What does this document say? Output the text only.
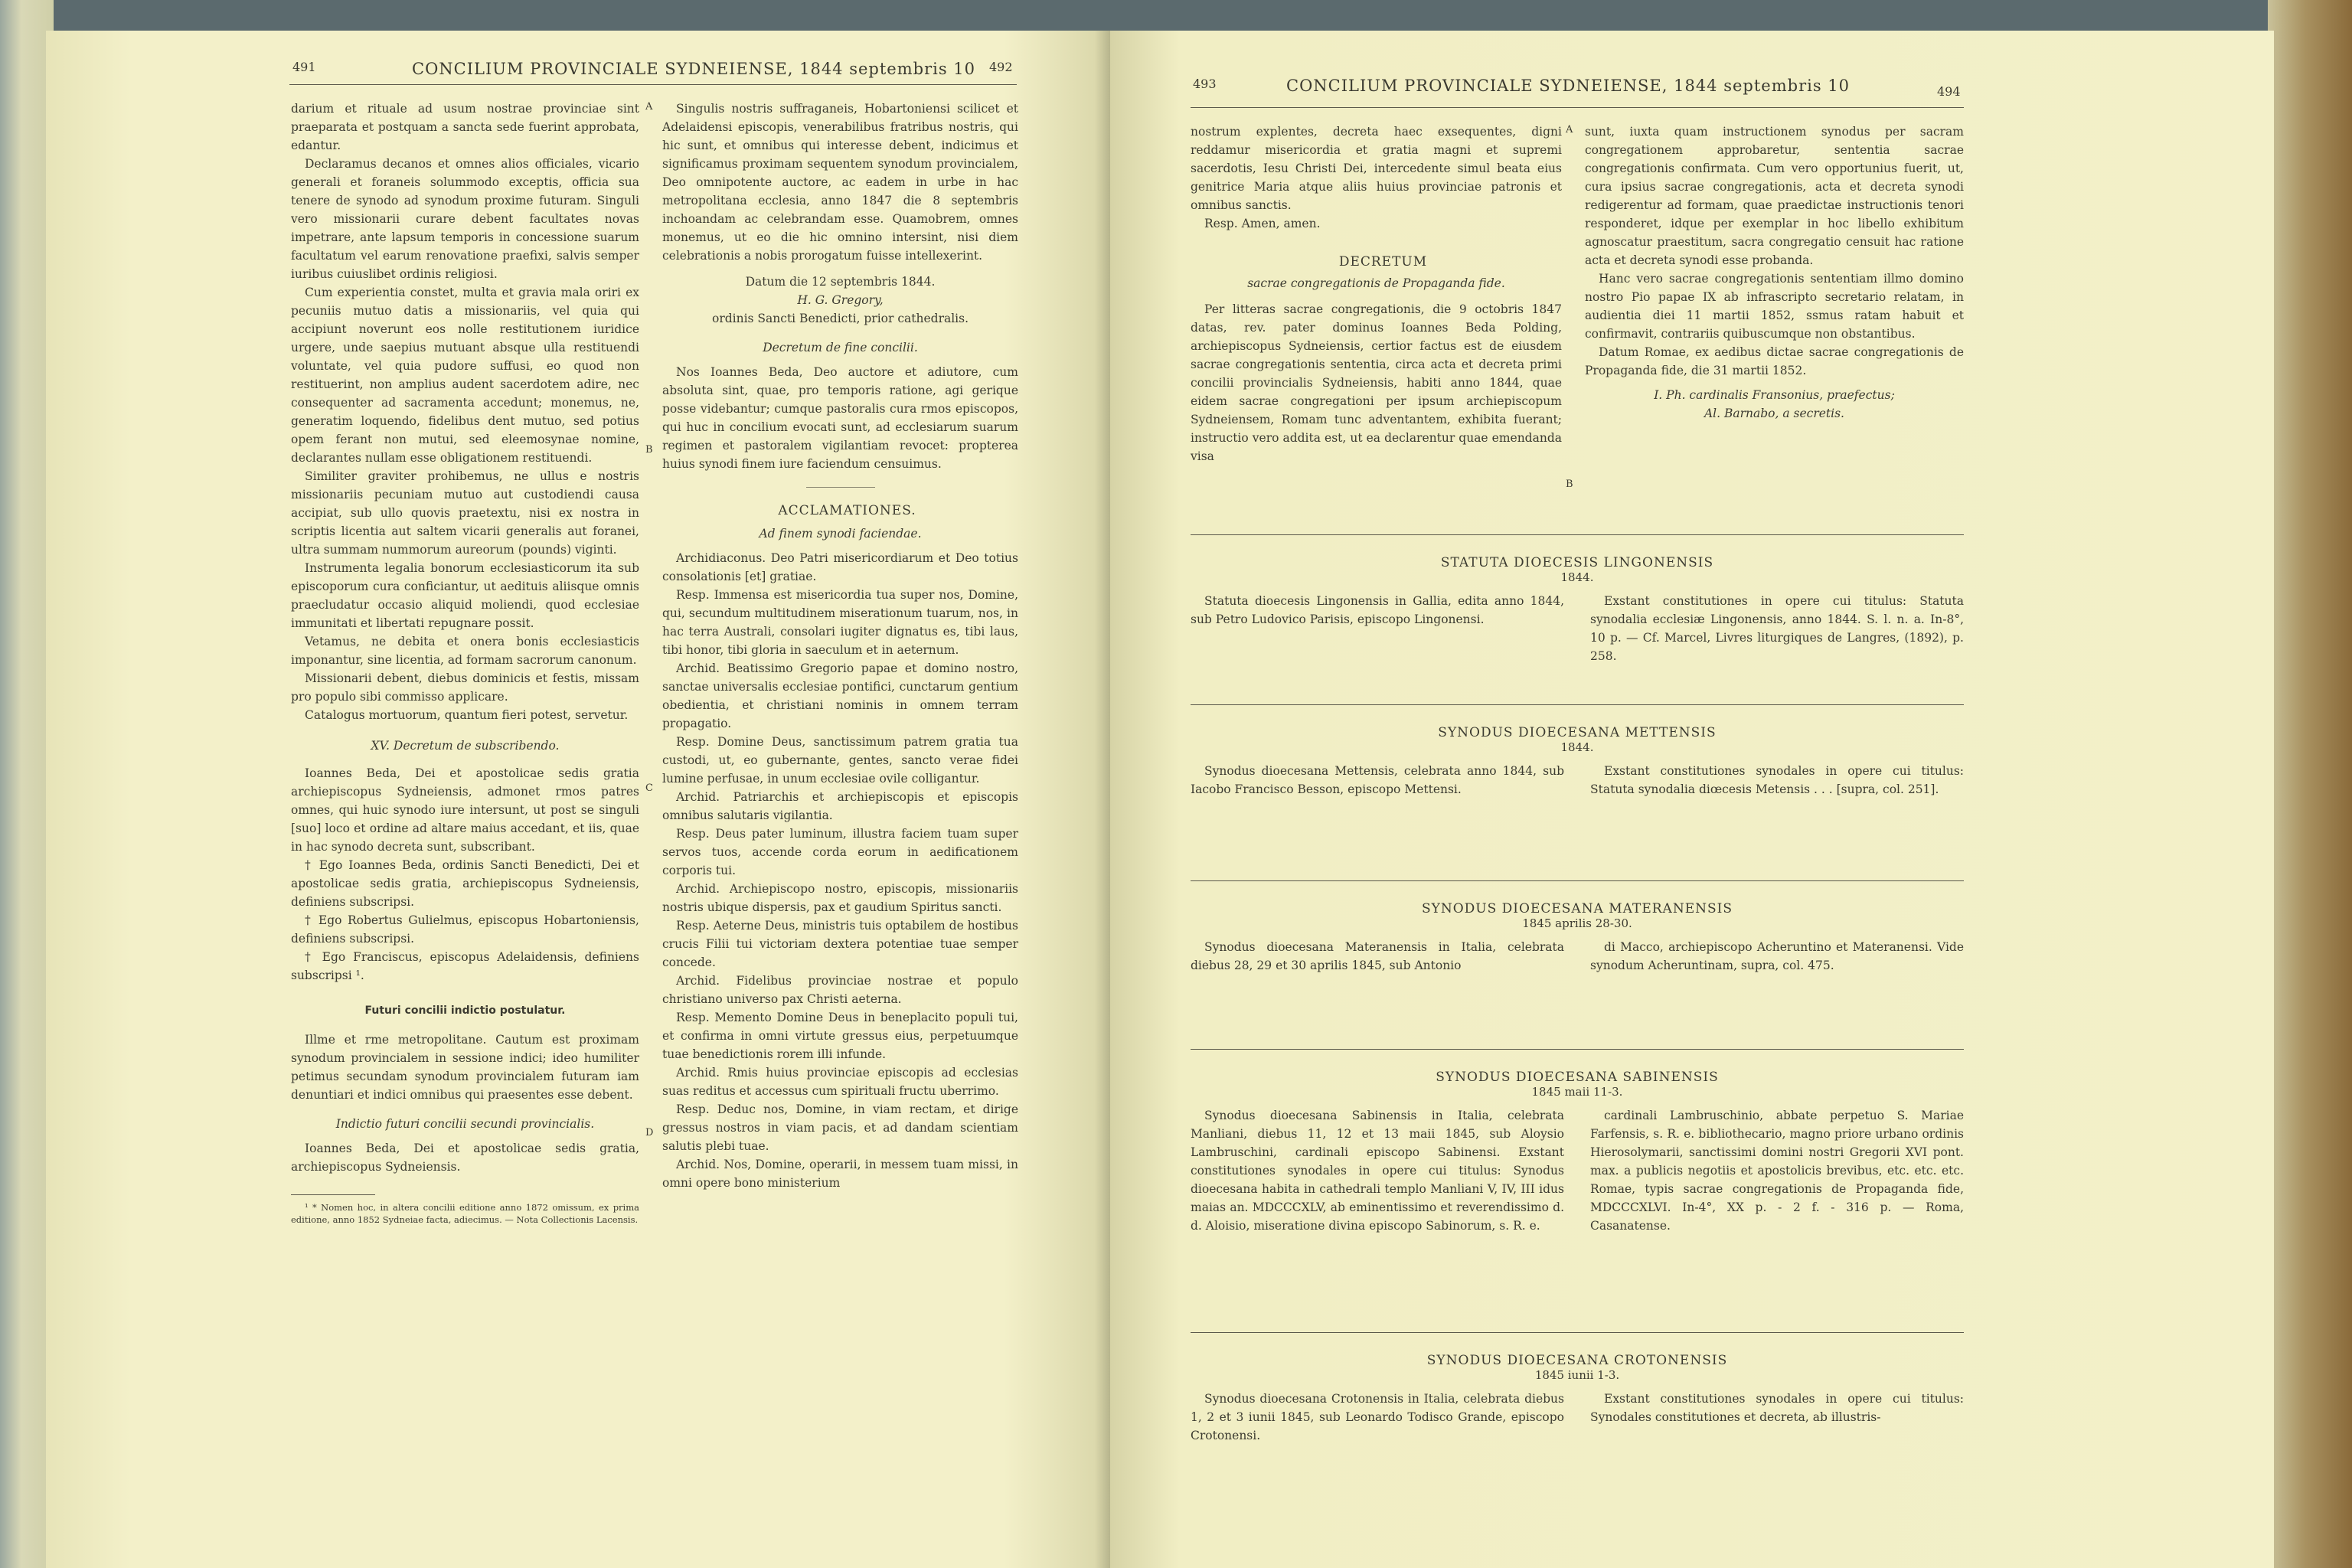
491	CONCILIUM PROVINCIALE SYDNEIENSE, 1844 septembris 10 492

darium et rituale ad usum nostrae provinciae sint praeparata et postquam a sancta sede fuerint approbata, edantur.

Declaramus decanos et omnes alios officiales, vicario generali et foraneis solummodo exceptis, officia sua tenere de synodo ad synodum proxime futuram. Singuli vero missionarii curare debent facultates novas impetrare, ante lapsum temporis in concessione suarum facultatum vel earum renovatione praefixi, salvis semper iuribus cuiuslibet ordinis religiosi.

Cum experientia constet, multa et gravia mala oriri ex pecuniis mutuo datis a missionariis, vel quia qui accipiunt noverunt eos nolle restitutionem iuridice urgere, unde saepius mutuant absque ulla restituendi voluntate, vel quia pudore suffusi, eo quod non restituerint, non amplius audent sacerdotem adire, nec consequenter ad sacramenta accedunt; monemus, ne, generatim loquendo, fidelibus dent mutuo, sed potius opem ferant non mutui, sed eleemosynae nomine, declarantes nullam esse obligationem restituendi.

Similiter graviter prohibemus, ne ullus e nostris missionariis pecuniam mutuo aut custodiendi causa accipiat, sub ullo quovis praetextu, nisi ex nostra in scriptis licentia aut saltem vicarii generalis aut foranei, ultra summam nummorum aureorum (pounds) viginti.

Instrumenta legalia bonorum ecclesiasticorum ita sub episcoporum cura conficiantur, ut aedituis aliisque omnis praecludatur occasio aliquid moliendi, quod ecclesiae immunitati et libertati repugnare possit.

Vetamus, ne debita et onera bonis ecclesiasticis imponantur, sine licentia, ad formam sacrorum canonum.

Missionarii debent, diebus dominicis et festis, missam pro populo sibi commisso applicare.

Catalogus mortuorum, quantum fieri potest, servetur.

XV. Decretum de subscribendo.

Ioannes Beda, Dei et apostolicae sedis gratia archiepiscopus Sydneiensis, admonet rmos patres omnes, qui huic synodo iure intersunt, ut post se singuli [suo] loco et ordine ad altare maius accedant, et iis, quae in hac synodo decreta sunt, subscribant.

† Ego Ioannes Beda, ordinis Sancti Benedicti, Dei et apostolicae sedis gratia, archiepiscopus Sydneiensis, definiens subscripsi.

† Ego Robertus Gulielmus, episcopus Hobartoniensis, definiens subscripsi.

† Ego Franciscus, episcopus Adelaidensis, definiens subscripsi ¹.

Futuri concilii indictio postulatur.

Illme et rme metropolitane. Cautum est proximam synodum provincialem in sessione indici; ideo humiliter petimus secundam synodum provincialem futuram iam denuntiari et indici omnibus qui praesentes esse debent.

Indictio futuri concilii secundi provincialis.

Ioannes Beda, Dei et apostolicae sedis gratia, archiepiscopus Sydneiensis.

¹ * Nomen hoc, in altera concilii editione anno 1872 omissum, ex prima editione, anno 1852 Sydneiae facta, adiecimus. — Nota Collectionis Lacensis.

A
B
C
D

Singulis nostris suffraganeis, Hobartoniensi scilicet et Adelaidensi episcopis, venerabilibus fratribus nostris, qui hic sunt, et omnibus qui interesse debent, indicimus et significamus proximam sequentem synodum provincialem, Deo omnipotente auctore, ac eadem in urbe in hac metropolitana ecclesia, anno 1847 die 8 septembris inchoandam ac celebrandam esse. Quamobrem, omnes monemus, ut eo die hic omnino intersint, nisi diem celebrationis a nobis prorogatum fuisse intellexerint.

Datum die 12 septembris 1844.

H. G. Gregory,

ordinis Sancti Benedicti, prior cathedralis.

Decretum de fine concilii.

Nos Ioannes Beda, Deo auctore et adiutore, cum absoluta sint, quae, pro temporis ratione, agi gerique posse videbantur; cumque pastoralis cura rmos episcopos, qui huc in concilium evocati sunt, ad ecclesiarum suarum regimen et pastoralem vigilantiam revocet: propterea huius synodi finem iure faciendum censuimus.

ACCLAMATIONES.

Ad finem synodi faciendae.

Archidiaconus. Deo Patri misericordiarum et Deo totius consolationis [et] gratiae.

Resp. Immensa est misericordia tua super nos, Domine, qui, secundum multitudinem miserationum tuarum, nos, in hac terra Australi, consolari iugiter dignatus es, tibi laus, tibi honor, tibi gloria in saeculum et in aeternum.

Archid. Beatissimo Gregorio papae et domino nostro, sanctae universalis ecclesiae pontifici, cunctarum gentium obedientia, et christiani nominis in omnem terram propagatio.

Resp. Domine Deus, sanctissimum patrem gratia tua custodi, ut, eo gubernante, gentes, sancto verae fidei lumine perfusae, in unum ecclesiae ovile colligantur.

Archid. Patriarchis et archiepiscopis et episcopis omnibus salutaris vigilantia.

Resp. Deus pater luminum, illustra faciem tuam super servos tuos, accende corda eorum in aedificationem corporis tui.

Archid. Archiepiscopo nostro, episcopis, missionariis nostris ubique dispersis, pax et gaudium Spiritus sancti.

Resp. Aeterne Deus, ministris tuis optabilem de hostibus crucis Filii tui victoriam dextera potentiae tuae semper concede.

Archid. Fidelibus provinciae nostrae et populo christiano universo pax Christi aeterna.

Resp. Memento Domine Deus in beneplacito populi tui, et confirma in omni virtute gressus eius, perpetuumque tuae benedictionis rorem illi infunde.

Archid. Rmis huius provinciae episcopis ad ecclesias suas reditus et accessus cum spirituali fructu uberrimo.

Resp. Deduc nos, Domine, in viam rectam, et dirige gressus nostros in viam pacis, et ad dandam scientiam salutis plebi tuae.

Archid. Nos, Domine, operarii, in messem tuam missi, in omni opere bono ministerium

493	CONCILIUM PROVINCIALE SYDNEIENSE, 1844 septembris 10	494

nostrum explentes, decreta haec exsequentes, digni reddamur misericordia et gratia magni et supremi sacerdotis, Iesu Christi Dei, intercedente simul beata eius genitrice Maria atque aliis huius provinciae patronis et omnibus sanctis.

Resp. Amen, amen.

DECRETUM

sacrae congregationis de Propaganda fide.

Per litteras sacrae congregationis, die 9 octobris 1847 datas, rev. pater dominus Ioannes Beda Polding, archiepiscopus Sydneiensis, certior factus est de eiusdem sacrae congregationis sententia, circa acta et decreta primi concilii provincialis Sydneiensis, habiti anno 1844, quae eidem sacrae congregationi per ipsum archiepiscopum Sydneiensem, Romam tunc adventantem, exhibita fuerant; instructio vero addita est, ut ea declarentur quae emendanda visa

A
B

sunt, iuxta quam instructionem synodus per sacram congregationem approbaretur, sententia sacrae congregationis confirmata. Cum vero opportunius fuerit, ut, cura ipsius sacrae congregationis, acta et decreta synodi redigerentur ad formam, quae praedictae instructionis tenori responderet, idque per exemplar in hoc libello exhibitum agnoscatur praestitum, sacra congregatio censuit hac ratione acta et decreta synodi esse probanda.

Hanc vero sacrae congregationis sententiam illmo domino nostro Pio papae IX ab infrascripto secretario relatam, in audientia diei 11 martii 1852, ssmus ratam habuit et confirmavit, contrariis quibuscumque non obstantibus.

Datum Romae, ex aedibus dictae sacrae congregationis de Propaganda fide, die 31 martii 1852.

I. Ph. cardinalis Fransonius, praefectus;

Al. Barnabo, a secretis.

STATUTA DIOECESIS LINGONENSIS
1844.

Statuta dioecesis Lingonensis in Gallia, edita anno 1844, sub Petro Ludovico Parisis, episcopo Lingonensi.

Exstant constitutiones in opere cui titulus: Statuta synodalia ecclesiæ Lingonensis, anno 1844. S. l. n. a. In-8°, 10 p. — Cf. Marcel, Livres liturgiques de Langres, (1892), p. 258.

SYNODUS DIOECESANA METTENSIS
1844.

Synodus dioecesana Mettensis, celebrata anno 1844, sub Iacobo Francisco Besson, episcopo Mettensi.

Exstant constitutiones synodales in opere cui titulus: Statuta synodalia diœcesis Metensis . . . [supra, col. 251].

SYNODUS DIOECESANA MATERANENSIS
1845 aprilis 28-30.

Synodus dioecesana Materanensis in Italia, celebrata diebus 28, 29 et 30 aprilis 1845, sub Antonio

di Macco, archiepiscopo Acheruntino et Materanensi. Vide synodum Acheruntinam, supra, col. 475.

SYNODUS DIOECESANA SABINENSIS
1845 maii 11-3.

Synodus dioecesana Sabinensis in Italia, celebrata Manliani, diebus 11, 12 et 13 maii 1845, sub Aloysio Lambruschini, cardinali episcopo Sabinensi. Exstant constitutiones synodales in opere cui titulus: Synodus dioecesana habita in cathedrali templo Manliani V, IV, III idus maias an. MDCCCXLV, ab eminentissimo et reverendissimo d. d. Aloisio, miseratione divina episcopo Sabinorum, s. R. e.

cardinali Lambruschinio, abbate perpetuo S. Mariae Farfensis, s. R. e. bibliothecario, magno priore urbano ordinis Hierosolymarii, sanctissimi domini nostri Gregorii XVI pont. max. a publicis negotiis et apostolicis brevibus, etc. etc. etc. Romae, typis sacrae congregationis de Propaganda fide, MDCCCXLVI. In-4°, XX p. - 2 f. - 316 p. — Roma, Casanatense.

SYNODUS DIOECESANA CROTONENSIS
1845 iunii 1-3.

Synodus dioecesana Crotonensis in Italia, celebrata diebus 1, 2 et 3 iunii 1845, sub Leonardo Todisco Grande, episcopo Crotonensi.

Exstant constitutiones synodales in opere cui titulus: Synodales constitutiones et decreta, ab illustris-
